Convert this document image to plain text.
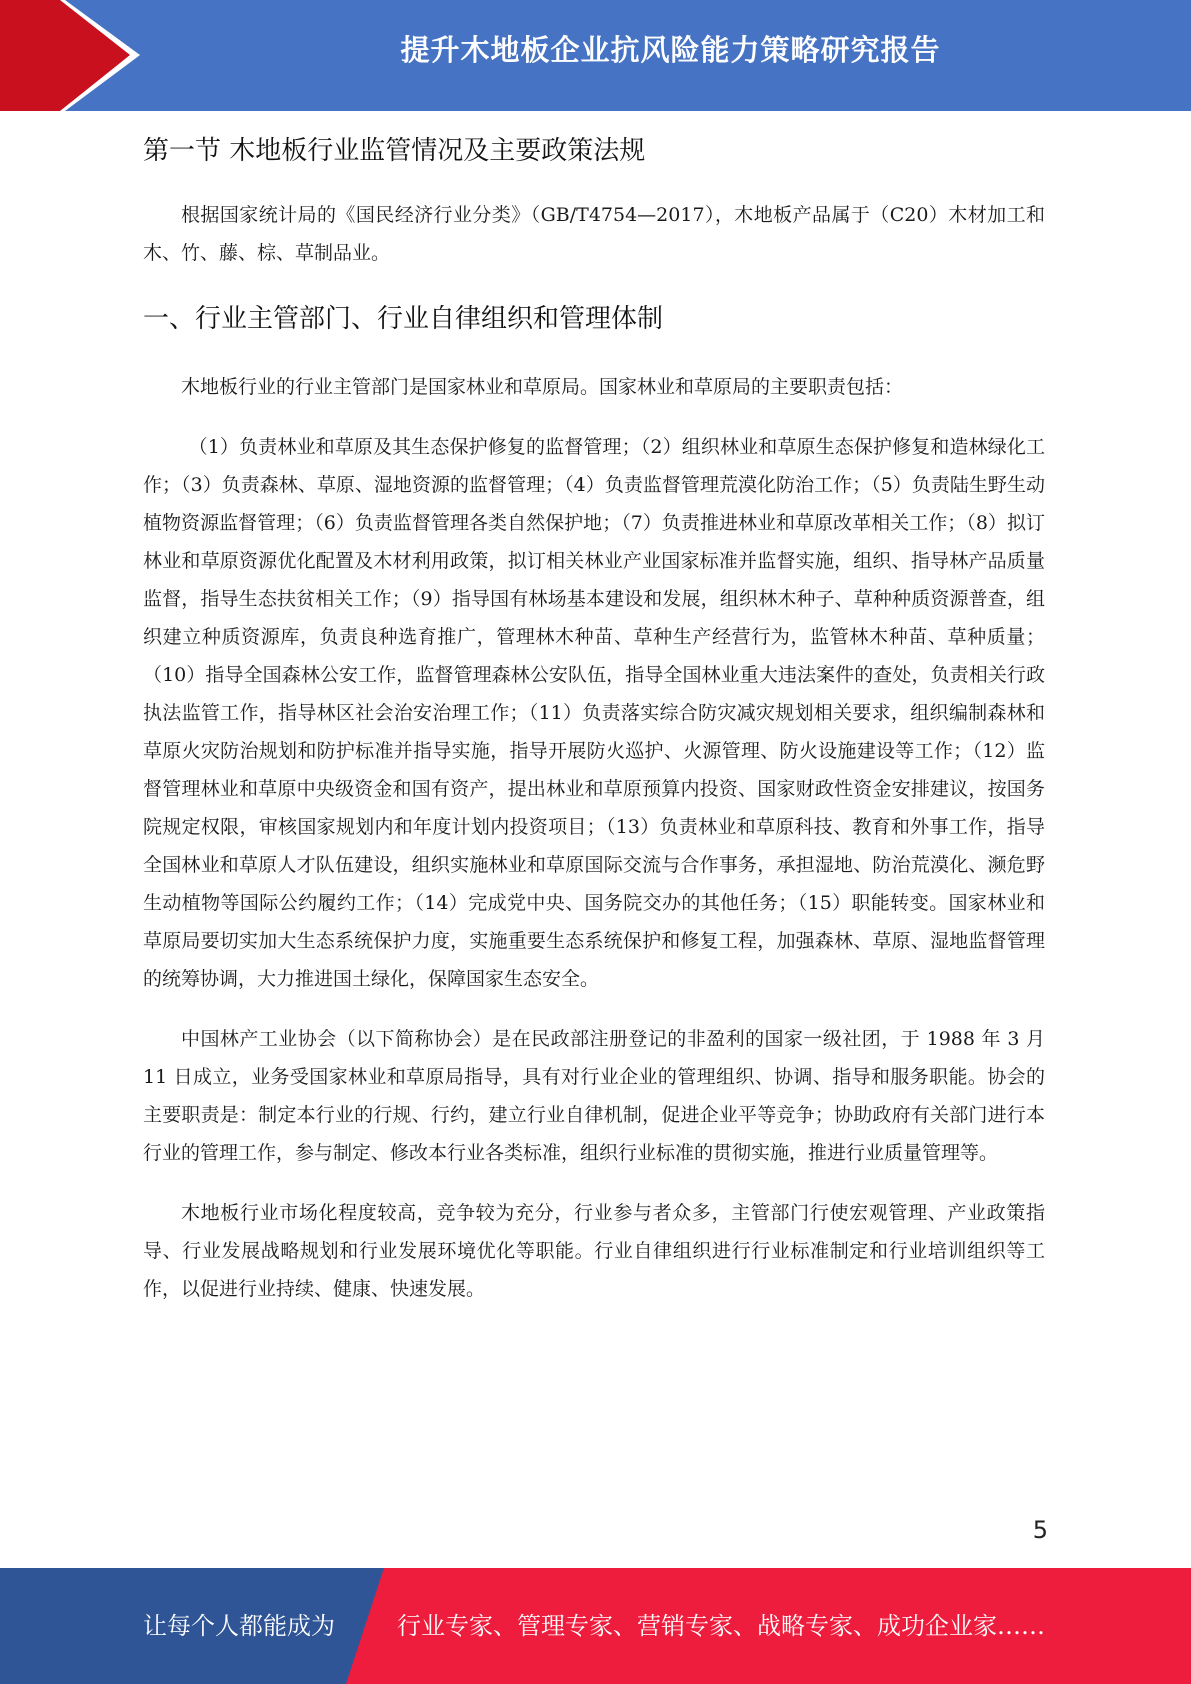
提升木地板企业抗风险能力策略研究报告
第一节 木地板行业监管情况及主要政策法规

根据国家统计局的《国民经济行业分类》（GB/T4754—2017），木地板产品属于（C20）木材加工和木、竹、藤、棕、草制品业。

一、行业主管部门、行业自律组织和管理体制

木地板行业的行业主管部门是国家林业和草原局。国家林业和草原局的主要职责包括：

（1）负责林业和草原及其生态保护修复的监督管理；（2）组织林业和草原生态保护修复和造林绿化工作；（3）负责森林、草原、湿地资源的监督管理；（4）负责监督管理荒漠化防治工作；（5）负责陆生野生动植物资源监督管理；（6）负责监督管理各类自然保护地；（7）负责推进林业和草原改革相关工作；（8）拟订林业和草原资源优化配置及木材利用政策，拟订相关林业产业国家标准并监督实施，组织、指导林产品质量监督，指导生态扶贫相关工作；（9）指导国有林场基本建设和发展，组织林木种子、草种种质资源普查，组织建立种质资源库，负责良种选育推广，管理林木种苗、草种生产经营行为，监管林木种苗、草种质量；（10）指导全国森林公安工作，监督管理森林公安队伍，指导全国林业重大违法案件的查处，负责相关行政执法监管工作，指导林区社会治安治理工作；（11）负责落实综合防灾减灾规划相关要求，组织编制森林和草原火灾防治规划和防护标准并指导实施，指导开展防火巡护、火源管理、防火设施建设等工作；（12）监督管理林业和草原中央级资金和国有资产，提出林业和草原预算内投资、国家财政性资金安排建议，按国务院规定权限，审核国家规划内和年度计划内投资项目；（13）负责林业和草原科技、教育和外事工作，指导全国林业和草原人才队伍建设，组织实施林业和草原国际交流与合作事务，承担湿地、防治荒漠化、濒危野生动植物等国际公约履约工作；（14）完成党中央、国务院交办的其他任务；（15）职能转变。国家林业和草原局要切实加大生态系统保护力度，实施重要生态系统保护和修复工程，加强森林、草原、湿地监督管理的统筹协调，大力推进国土绿化，保障国家生态安全。

中国林产工业协会（以下简称协会）是在民政部注册登记的非盈利的国家一级社团，于 1988 年 3 月 11 日成立，业务受国家林业和草原局指导，具有对行业企业的管理组织、协调、指导和服务职能。协会的主要职责是：制定本行业的行规、行约，建立行业自律机制，促进企业平等竞争；协助政府有关部门进行本行业的管理工作，参与制定、修改本行业各类标准，组织行业标准的贯彻实施，推进行业质量管理等。

木地板行业市场化程度较高，竞争较为充分，行业参与者众多，主管部门行使宏观管理、产业政策指导、行业发展战略规划和行业发展环境优化等职能。行业自律组织进行行业标准制定和行业培训组织等工作，以促进行业持续、健康、快速发展。

5
让每个人都能成为	行业专家、管理专家、营销专家、战略专家、成功企业家……
